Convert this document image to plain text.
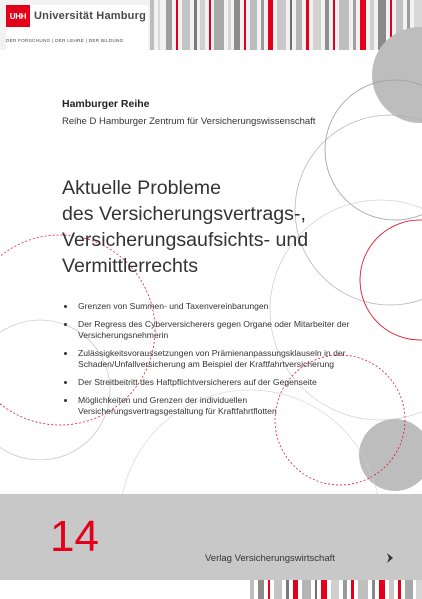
UHH Universität Hamburg
DER FORSCHUNG | DER LEHRE | DER BILDUNG
Hamburger Reihe
Reihe D Hamburger Zentrum für Versicherungswissenschaft
Aktuelle Probleme
des Versicherungsvertrags-,
Versicherungsaufsichts- und
Vermittlerrechts
Grenzen von Summen- und Taxenvereinbarungen
Der Regress des Cyberversicherers gegen Organe oder Mitarbeiter der Versicherungsnehmerin
Zulässigkeitsvoraussetzungen von Prämienanpassungsklauseln in der Schaden/Unfallversicherung am Beispiel der Kraftfahrtversicherung
Der Streitbeitritt des Haftpflichtversicherers auf der Gegenseite
Möglichkeiten und Grenzen der individuellen Versicherungsvertragsgestaltung für Kraftfahrtflotten
14	Verlag Versicherungswirtschaft
